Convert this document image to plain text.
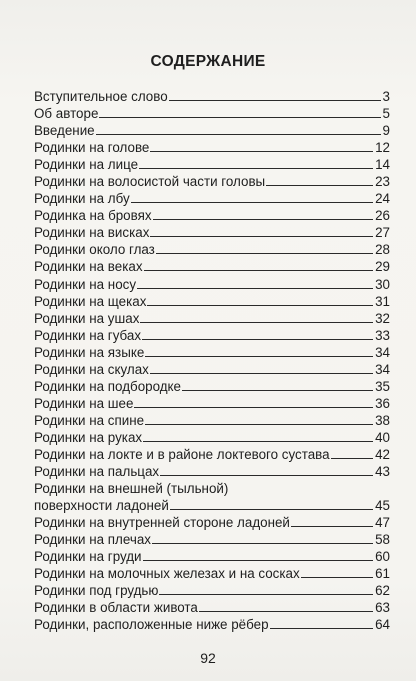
СОДЕРЖАНИЕ
Вступительное слово	3
Об авторе	5
Введение	9
Родинки на голове	12
Родинки на лице	14
Родинки на волосистой части головы	23
Родинки на лбу	24
Родинка на бровях	26
Родинки на висках	27
Родинки около глаз	28
Родинки на веках	29
Родинки на носу	30
Родинки на щеках	31
Родинки на ушах	32
Родинки на губах	33
Родинки на языке	34
Родинки на скулах	34
Родинки на подбородке	35
Родинки на шее	36
Родинки на спине	38
Родинки на руках	40
Родинки на локте и в районе локтевого сустава	42
Родинки на пальцах	43
Родинки на внешней (тыльной)
поверхности ладоней	45
Родинки на внутренней стороне ладоней	47
Родинки на плечах	58
Родинки на груди	60
Родинки на молочных железах и на сосках	61
Родинки под грудью	62
Родинки в области живота	63
Родинки, расположенные ниже рёбер	64
92
